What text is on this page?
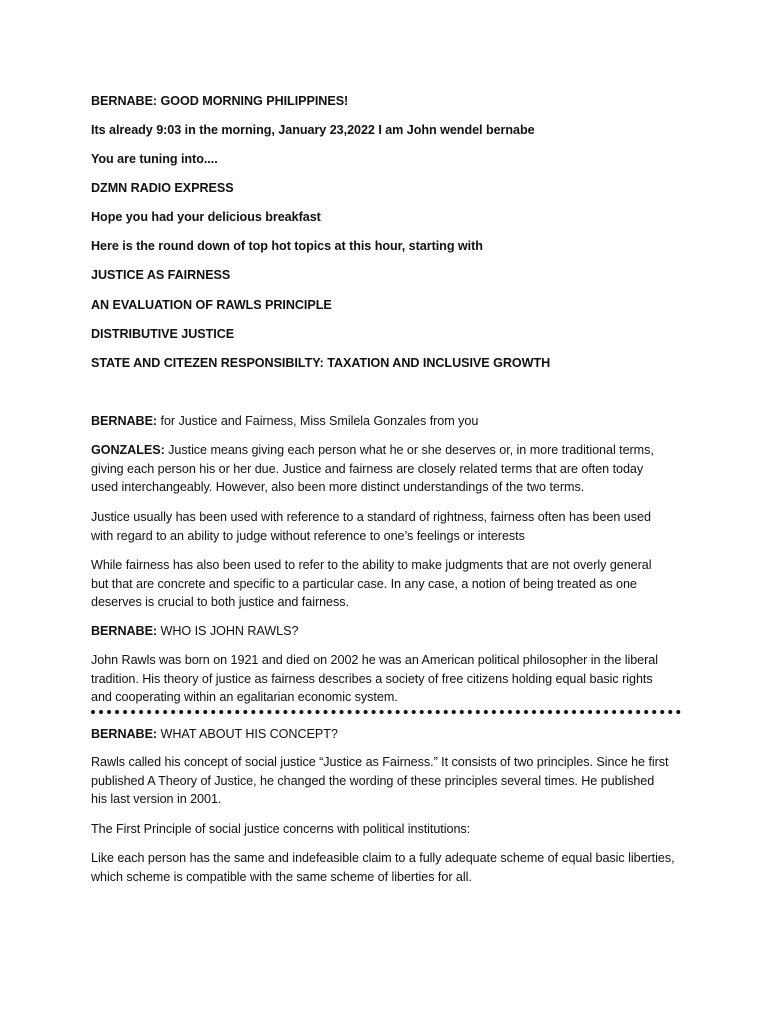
BERNABE: GOOD MORNING PHILIPPINES!

Its already 9:03 in the morning, January 23,2022 I am John wendel bernabe

You are tuning into....

DZMN RADIO EXPRESS

Hope you had your delicious breakfast

Here is the round down of top hot topics at this hour, starting with

JUSTICE AS FAIRNESS

AN EVALUATION OF RAWLS PRINCIPLE

DISTRIBUTIVE JUSTICE

STATE AND CITEZEN RESPONSIBILTY: TAXATION AND INCLUSIVE GROWTH

BERNABE: for Justice and Fairness, Miss Smilela Gonzales from you

GONZALES: Justice means giving each person what he or she deserves or, in more traditional terms,
giving each person his or her due. Justice and fairness are closely related terms that are often today
used interchangeably. However, also been more distinct understandings of the two terms.
Justice usually has been used with reference to a standard of rightness, fairness often has been used
with regard to an ability to judge without reference to one’s feelings or interests
While fairness has also been used to refer to the ability to make judgments that are not overly general
but that are concrete and specific to a particular case. In any case, a notion of being treated as one
deserves is crucial to both justice and fairness.

BERNABE: WHO IS JOHN RAWLS?

John Rawls was born on 1921 and died on 2002 he was an American political philosopher in the liberal
tradition. His theory of justice as fairness describes a society of free citizens holding equal basic rights
and cooperating within an egalitarian economic system.

BERNABE: WHAT ABOUT HIS CONCEPT?

Rawls called his concept of social justice “Justice as Fairness.” It consists of two principles. Since he first
published A Theory of Justice, he changed the wording of these principles several times. He published
his last version in 2001.

The First Principle of social justice concerns with political institutions:

Like each person has the same and indefeasible claim to a fully adequate scheme of equal basic liberties,
which scheme is compatible with the same scheme of liberties for all.
